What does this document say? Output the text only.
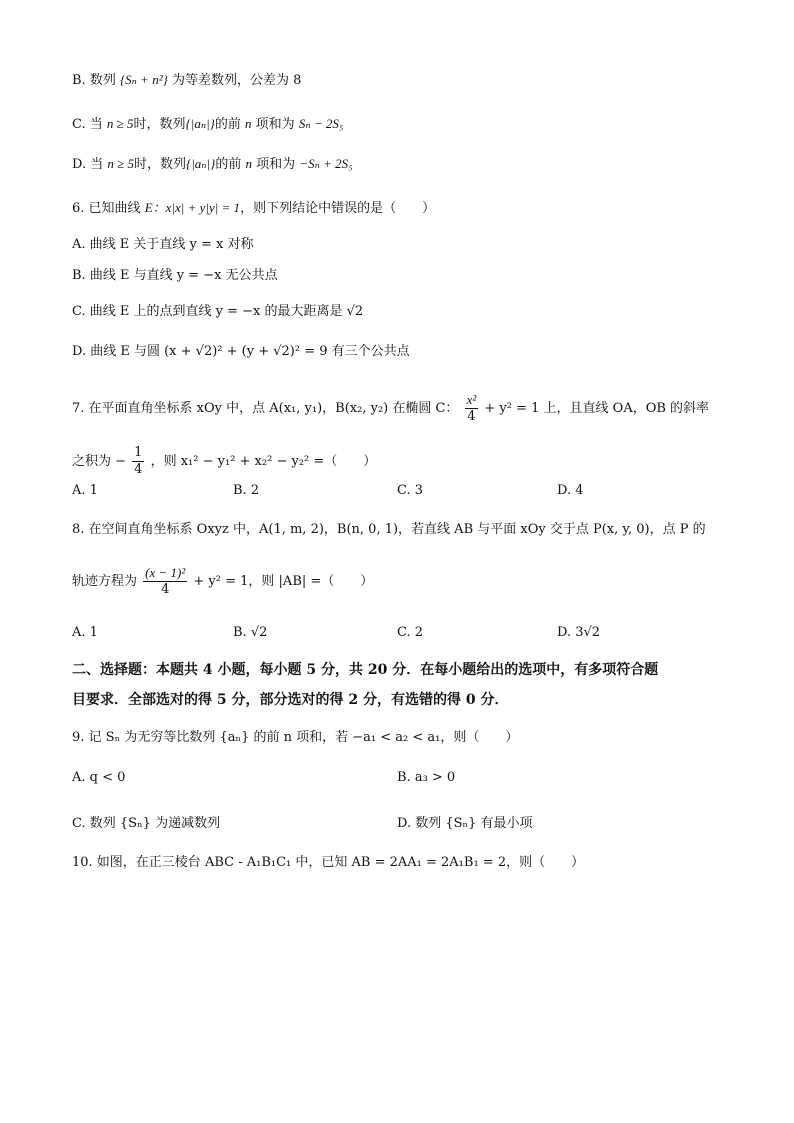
B. 数列 {Sₙ + n²} 为等差数列，公差为 8
C. 当 n ≥ 5时，数列{|aₙ|}的前 n 项和为 Sₙ − 2S₅
D. 当 n ≥ 5时，数列{|aₙ|}的前 n 项和为 −Sₙ + 2S₅
6. 已知曲线 E：x|x| + y|y| = 1，则下列结论中错误的是（　　）
A. 曲线 E 关于直线 y = x 对称
B. 曲线 E 与直线 y = −x 无公共点
C. 曲线 E 上的点到直线 y = −x 的最大距离是 √2
D. 曲线 E 与圆 (x + √2)² + (y + √2)² = 9 有三个公共点
7. 在平面直角坐标系 xOy 中，点 A(x₁, y₁)，B(x₂, y₂) 在椭圆 C： $\frac{\text{x²}}{4} + y^2 = 1$ 上，且直线 OA，OB 的斜率
之积为 − $\frac{1}{4}$ ，则 x₁² − y₁² + x₂² − y₂² =（　　）
A. 1	B. 2	C. 3	D. 4
8. 在空间直角坐标系 Oxyz 中，A(1, m, 2)，B(n, 0, 1)，若直线 AB 与平面 xOy 交于点 P(x, y, 0)，点 P 的
轨迹方程为 $\frac{\text{(x − 1)²}}{4} + y^2 = 1$，则 |AB| =（　　）
A. 1	B. √2	C. 2	D. 3√2
二、选择题：本题共 4 小题，每小题 5 分，共 20 分．在每小题给出的选项中，有多项符合题
目要求．全部选对的得 5 分，部分选对的得 2 分，有选错的得 0 分．
9. 记 Sₙ 为无穷等比数列 {aₙ} 的前 n 项和，若 −a₁ < a₂ < a₁，则（　　）
A. q < 0	B. a₃ > 0
C. 数列 {Sₙ} 为递减数列	D. 数列 {Sₙ} 有最小项
10. 如图，在正三棱台 ABC - A₁B₁C₁ 中，已知 AB = 2AA₁ = 2A₁B₁ = 2，则（　　）
